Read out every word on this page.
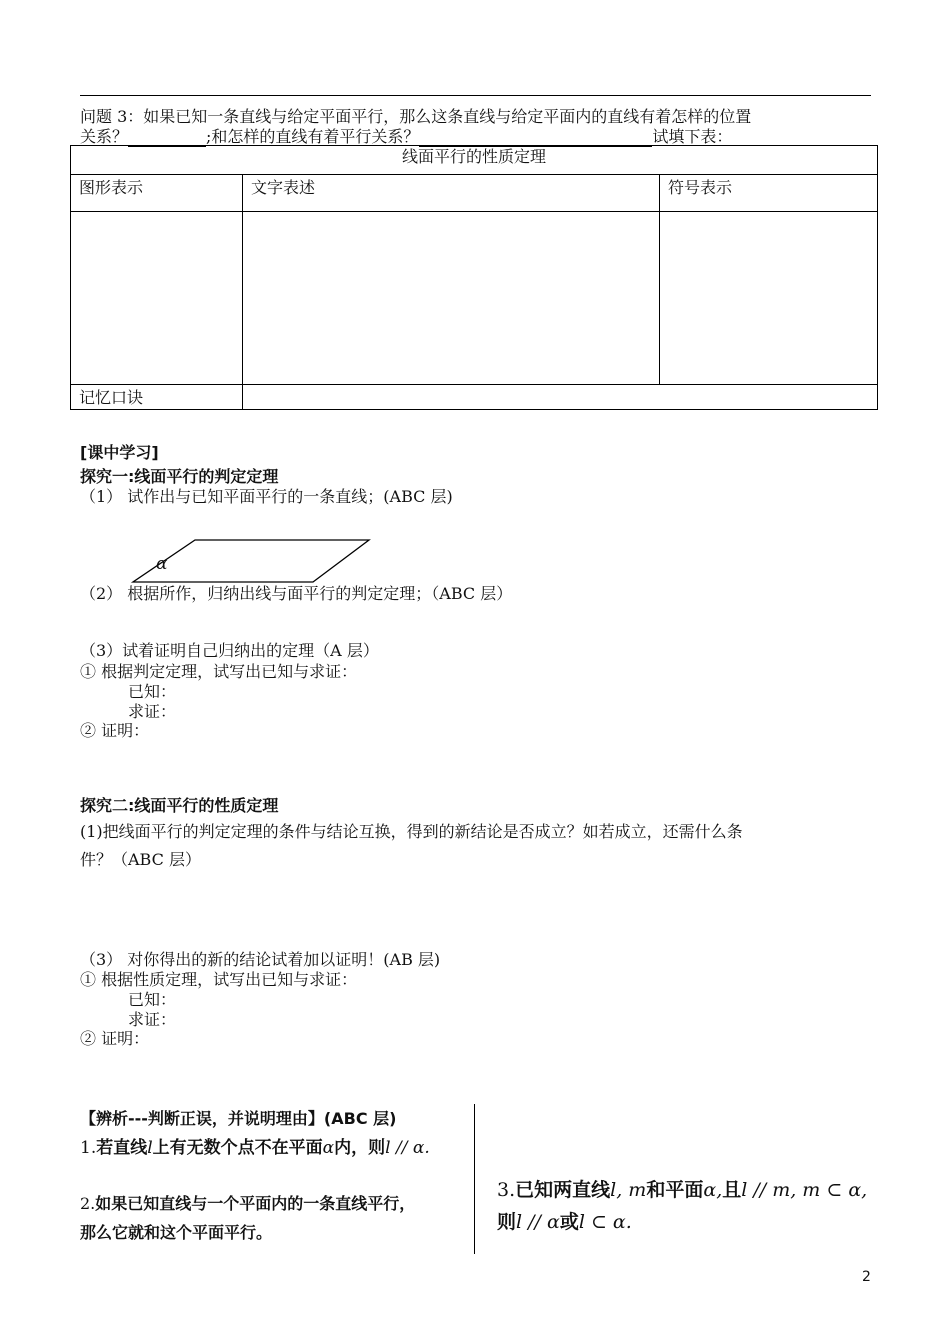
问题 3：如果已知一条直线与给定平面平行，那么这条直线与给定平面内的直线有着怎样的位置
关系？	;和怎样的直线有着平行关系？	试填下表：
线面平行的性质定理		
图形表示	文字表述	符号表示

记忆口诀		
[课中学习]
探究一:线面平行的判定定理
（1） 试作出与已知平面平行的一条直线；(ABC 层)
α
（2） 根据所作，归纳出线与面平行的判定定理；（ABC 层）
（3）试着证明自己归纳出的定理（A 层）
① 根据判定定理，试写出已知与求证：
已知：
求证：
② 证明：
探究二:线面平行的性质定理
(1)把线面平行的判定定理的条件与结论互换，得到的新结论是否成立？如若成立，还需什么条
件？（ABC 层）
（3） 对你得出的新的结论试着加以证明！(AB 层)
① 根据性质定理，试写出已知与求证：
已知：
求证：
② 证明：
【辨析---判断正误，并说明理由】(ABC 层)
1.若直线l上有无数个点不在平面α内，则l // α.
2.如果已知直线与一个平面内的一条直线平行，
那么它就和这个平面平行。
3.已知两直线l, m和平面α,且l // m, m ⊂ α,
则l // α或l ⊂ α.
2
